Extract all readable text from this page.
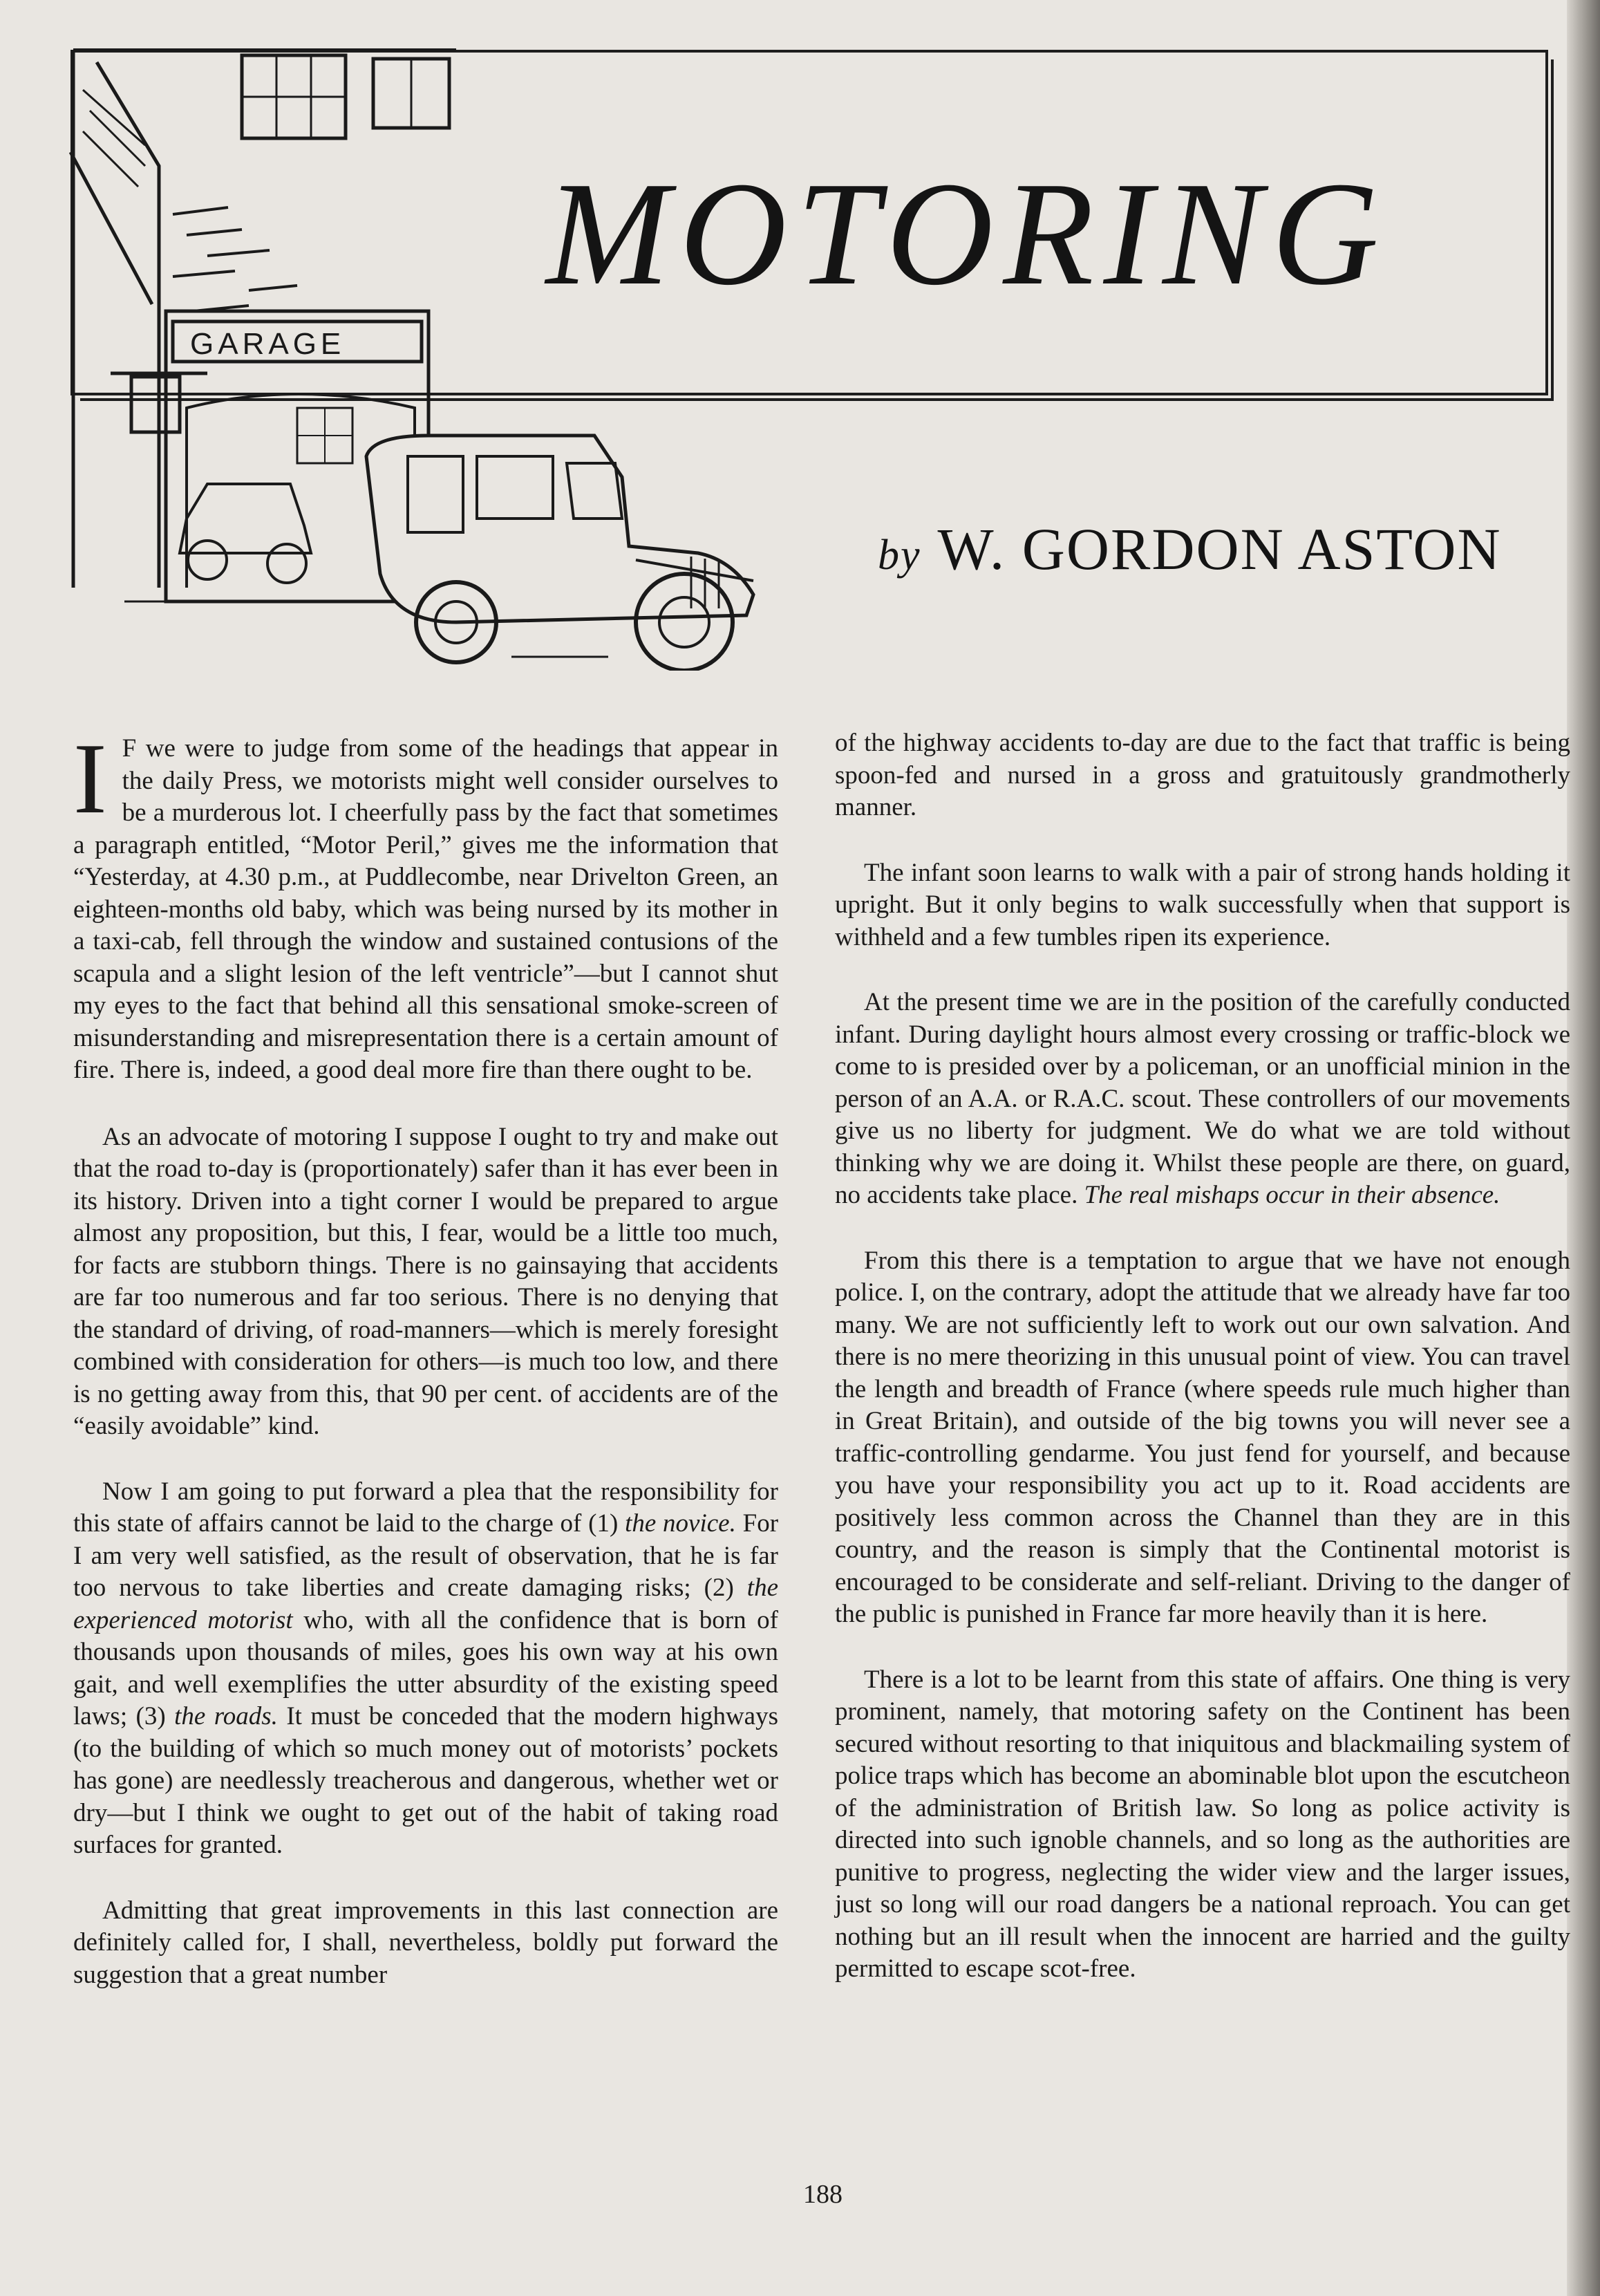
GARAGE
MOTORING
by W. GORDON ASTON

I F we were to judge from some of the headings that appear in the daily Press, we motorists might well consider ourselves to be a murderous lot. I cheerfully pass by the fact that sometimes a paragraph entitled, “Motor Peril,” gives me the information that “Yesterday, at 4.30 p.m., at Puddlecombe, near Drivelton Green, an eighteen-months old baby, which was being nursed by its mother in a taxi-cab, fell through the window and sustained contusions of the scapula and a slight lesion of the left ventricle”—but I cannot shut my eyes to the fact that behind all this sensational smoke-screen of misunderstanding and misrepresentation there is a certain amount of fire. There is, indeed, a good deal more fire than there ought to be.

As an advocate of motoring I suppose I ought to try and make out that the road to-day is (proportionately) safer than it has ever been in its history. Driven into a tight corner I would be prepared to argue almost any proposition, but this, I fear, would be a little too much, for facts are stubborn things. There is no gainsaying that accidents are far too numerous and far too serious. There is no denying that the standard of driving, of road-manners—which is merely foresight combined with consideration for others—is much too low, and there is no getting away from this, that 90 per cent. of accidents are of the “easily avoidable” kind.

Now I am going to put forward a plea that the responsibility for this state of affairs cannot be laid to the charge of (1) the novice. For I am very well satisfied, as the result of observation, that he is far too nervous to take liberties and create damaging risks; (2) the experienced motorist who, with all the confidence that is born of thousands upon thousands of miles, goes his own way at his own gait, and well exemplifies the utter absurdity of the existing speed laws; (3) the roads. It must be conceded that the modern highways (to the building of which so much money out of motorists’ pockets has gone) are needlessly treacherous and dangerous, whether wet or dry—but I think we ought to get out of the habit of taking road surfaces for granted.

Admitting that great improvements in this last connection are definitely called for, I shall, nevertheless, boldly put forward the suggestion that a great number

of the highway accidents to-day are due to the fact that traffic is being spoon-fed and nursed in a gross and gratuitously grandmotherly manner.

The infant soon learns to walk with a pair of strong hands holding it upright. But it only begins to walk successfully when that support is withheld and a few tumbles ripen its experience.

At the present time we are in the position of the carefully conducted infant. During daylight hours almost every crossing or traffic-block we come to is presided over by a policeman, or an unofficial minion in the person of an A.A. or R.A.C. scout. These controllers of our movements give us no liberty for judgment. We do what we are told without thinking why we are doing it. Whilst these people are there, on guard, no accidents take place. The real mishaps occur in their absence.

From this there is a temptation to argue that we have not enough police. I, on the contrary, adopt the attitude that we already have far too many. We are not sufficiently left to work out our own salvation. And there is no mere theorizing in this unusual point of view. You can travel the length and breadth of France (where speeds rule much higher than in Great Britain), and outside of the big towns you will never see a traffic-controlling gendarme. You just fend for yourself, and because you have your responsibility you act up to it. Road accidents are positively less common across the Channel than they are in this country, and the reason is simply that the Continental motorist is encouraged to be considerate and self-reliant. Driving to the danger of the public is punished in France far more heavily than it is here.

There is a lot to be learnt from this state of affairs. One thing is very prominent, namely, that motoring safety on the Continent has been secured without resorting to that iniquitous and blackmailing system of police traps which has become an abominable blot upon the escutcheon of the administration of British law. So long as police activity is directed into such ignoble channels, and so long as the authorities are punitive to progress, neglecting the wider view and the larger issues, just so long will our road dangers be a national reproach. You can get nothing but an ill result when the innocent are harried and the guilty permitted to escape scot-free.

188
